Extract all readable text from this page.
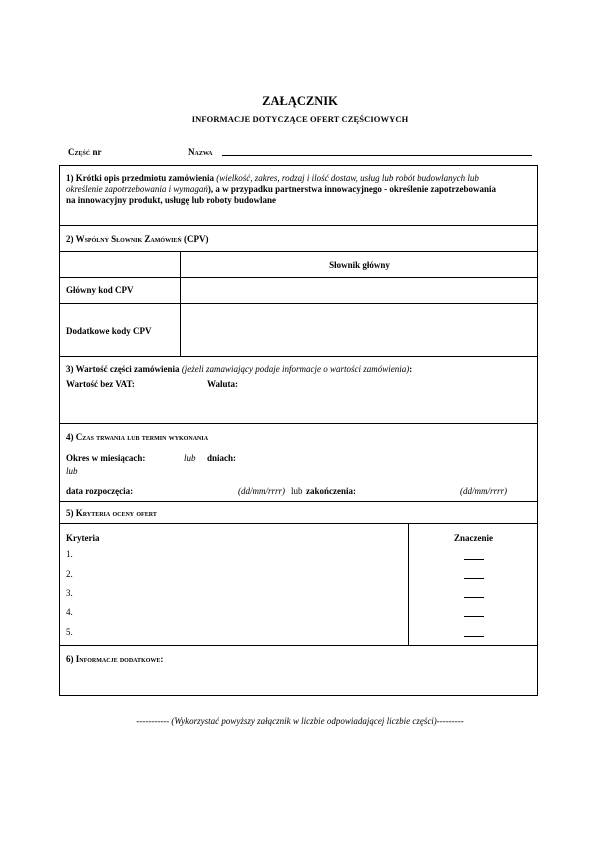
ZAŁĄCZNIK
INFORMACJE DOTYCZĄCE OFERT CZĘŚCIOWYCH
Część nr	Nazwa
1) Krótki opis przedmiotu zamówienia (wielkość, zakres, rodzaj i ilość dostaw, usług lub robót budowlanych lub
określenie zapotrzebowania i wymagań), a w przypadku partnerstwa innowacyjnego - określenie zapotrzebowania
na innowacyjny produkt, usługę lub roboty budowlane
2) Wspólny Słownik Zamówień (CPV)
Słownik główny
Główny kod CPV
Dodatkowe kody CPV
3) Wartość części zamówienia (jeżeli zamawiający podaje informacje o wartości zamówienia):
Wartość bez VAT:	Waluta:
4) Czas trwania lub termin wykonania
Okres w miesiącach:	lub dniach:
lub
data rozpoczęcia:	(dd/mm/rrrr) lub zakończenia:	(dd/mm/rrrr)
5) Kryteria oceny ofert
Kryteria	Znaczenie
1.
2.
3.
4.
5.
6) Informacje dodatkowe:
----------- (Wykorzystać powyższy załącznik w liczbie odpowiadającej liczbie części)---------
